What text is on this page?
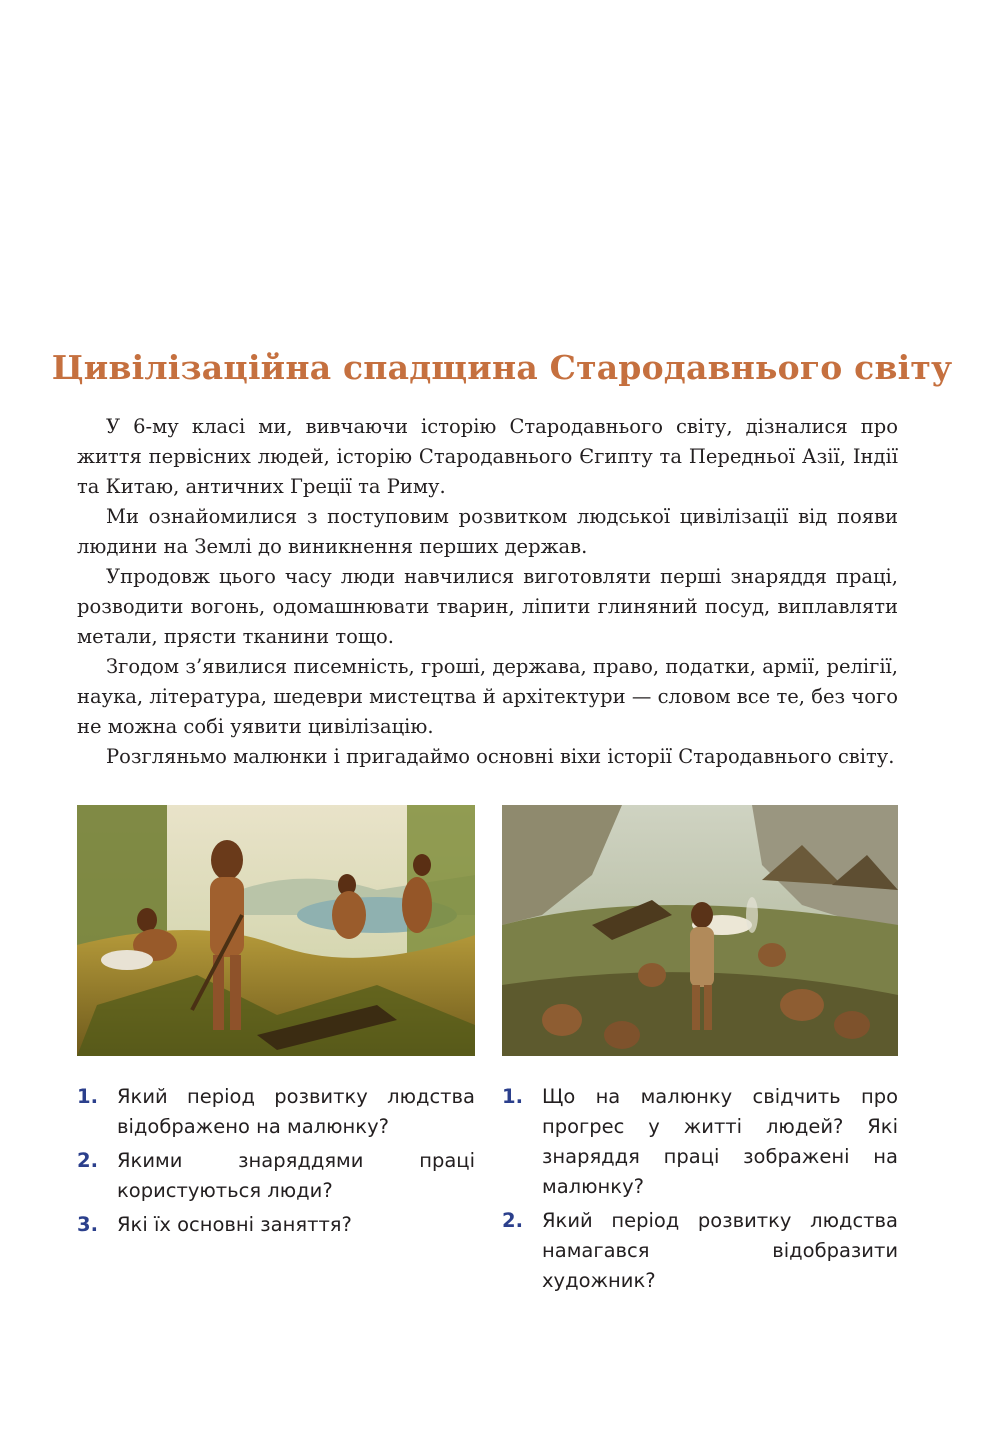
Цивілізаційна спадщина Стародавнього світу

У 6-му класі ми, вивчаючи історію Стародавнього світу, дізналися про життя первісних людей, історію Стародавнього Єгипту та Передньої Азії, Індії та Китаю, античних Греції та Риму.

Ми ознайомилися з поступовим розвитком людської цивілізації від появи людини на Землі до виникнення перших держав.

Упродовж цього часу люди навчилися виготовляти перші знаряддя праці, розводити вогонь, одомашнювати тварин, ліпити глиняний посуд, виплавляти метали, прясти тканини тощо.

Згодом з’явилися писемність, гроші, держава, право, податки, армії, релігії, наука, література, шедеври мистецтва й архітектури — словом все те, без чого не можна собі уявити цивілізацію.

Розгляньмо малюнки і пригадаймо основні віхи історії Стародавнього світу.

1. Який період розвитку людства відображено на малюнку?
2. Якими знаряддями праці користуються люди?
3. Які їх основні заняття?
1. Що на малюнку свідчить про прогрес у житті людей? Які знаряддя праці зображені на малюнку?
2. Який період розвитку людства намагався відобразити художник?
